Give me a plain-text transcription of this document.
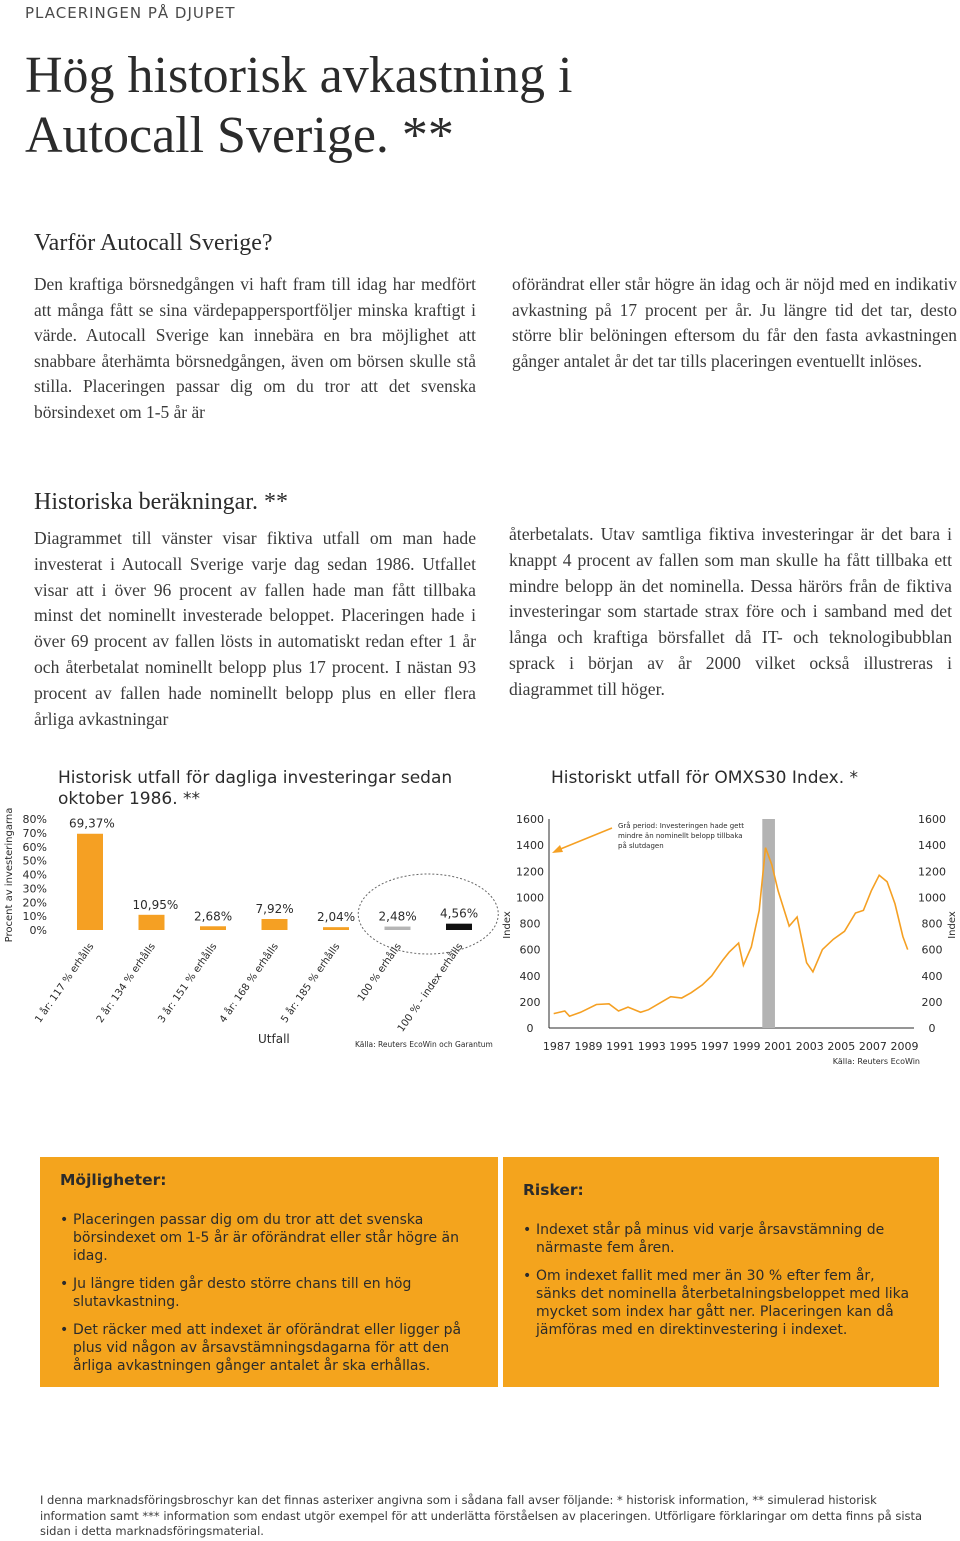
PLACERINGEN PÅ DJUPET
Hög historisk avkastning i
Autocall Sverige. **
Varför Autocall Sverige?

Den kraftiga börsnedgången vi haft fram till idag har medfört att många fått se sina värdepappersportföljer minska kraftigt i värde. Autocall Sverige kan innebära en bra möjlighet att snabbare återhämta börsnedgången, även om börsen skulle stå stilla. Placeringen passar dig om du tror att det svenska börsindexet om 1-5 år är

oförändrat eller står högre än idag och är nöjd med en indikativ avkastning på 17 procent per år. Ju längre tid det tar, desto större blir belöningen eftersom du får den fasta avkastningen gånger antalet år det tar tills placeringen eventuellt inlöses.

Historiska beräkningar. **

Diagrammet till vänster visar fiktiva utfall om man hade investerat i Autocall Sverige varje dag sedan 1986. Utfallet visar att i över 96 procent av fallen hade man fått tillbaka minst det nominellt investerade beloppet. Placeringen hade i över 69 procent av fallen lösts in automatiskt redan efter 1 år och återbetalat nominellt belopp plus 17 procent. I nästan 93 procent av fallen hade nominellt belopp plus en eller flera årliga avkastningar

återbetalats. Utav samtliga fiktiva investeringar är det bara i knappt 4 procent av fallen som man skulle ha fått tillbaka ett mindre belopp än det nominella. Dessa härörs från de fiktiva investeringar som startade strax före och i samband med det långa och kraftiga börsfallet då IT- och teknologibubblan sprack i början av år 2000 vilket också illustreras i diagrammet till höger.

Historisk utfall för dagliga investeringar sedan oktober 1986. **
Procent av investeringarna 80%
70%
60%
50%
40%
30%
20%
10%
0%
69,37%
1 år: 117 % erhålls
10,95%
2 år: 134 % erhålls
2,68%
3 år: 151 % erhålls
7,92%
4 år: 168 % erhålls
2,04%
5 år: 185 % erhålls
2,48%
100 % erhålls
4,56%
100 % - index erhålls
Utfall	Källa: Reuters EcoWin och Garantum
Historiskt utfall för OMXS30 Index. *
1600	1600
1400	1400
1200	1200
1000	1000
800	800
600	600
400	400
200	200
0	0
Index	Index
1987 1989 1991 1993 1995 1997 1999 2001 2003 2005 2007 2009
Grå period: Investeringen hade gett mindre än nominellt belopp tillbaka på slutdagen
Källa: Reuters EcoWin
Möjligheter:
• Placeringen passar dig om du tror att det svenska börsindexet om 1-5 år är oförändrat eller står högre än idag.
• Ju längre tiden går desto större chans till en hög slutavkastning.
• Det räcker med att indexet är oförändrat eller ligger på plus vid någon av årsavstämningsdagarna för att den årliga avkastningen gånger antalet år ska erhållas.
Risker:
• Indexet står på minus vid varje årsavstämning de närmaste fem åren.
• Om indexet fallit med mer än 30 % efter fem år, sänks det nominella återbetalningsbeloppet med lika mycket som index har gått ner. Placeringen kan då jämföras med en direktinvestering i indexet.
I denna marknadsföringsbroschyr kan det finnas asterixer angivna som i sådana fall avser följande: * historisk information, ** simulerad historisk information samt *** information som endast utgör exempel för att underlätta förståelsen av placeringen. Utförligare förklaringar om detta finns på sista sidan i detta marknadsföringsmaterial.
